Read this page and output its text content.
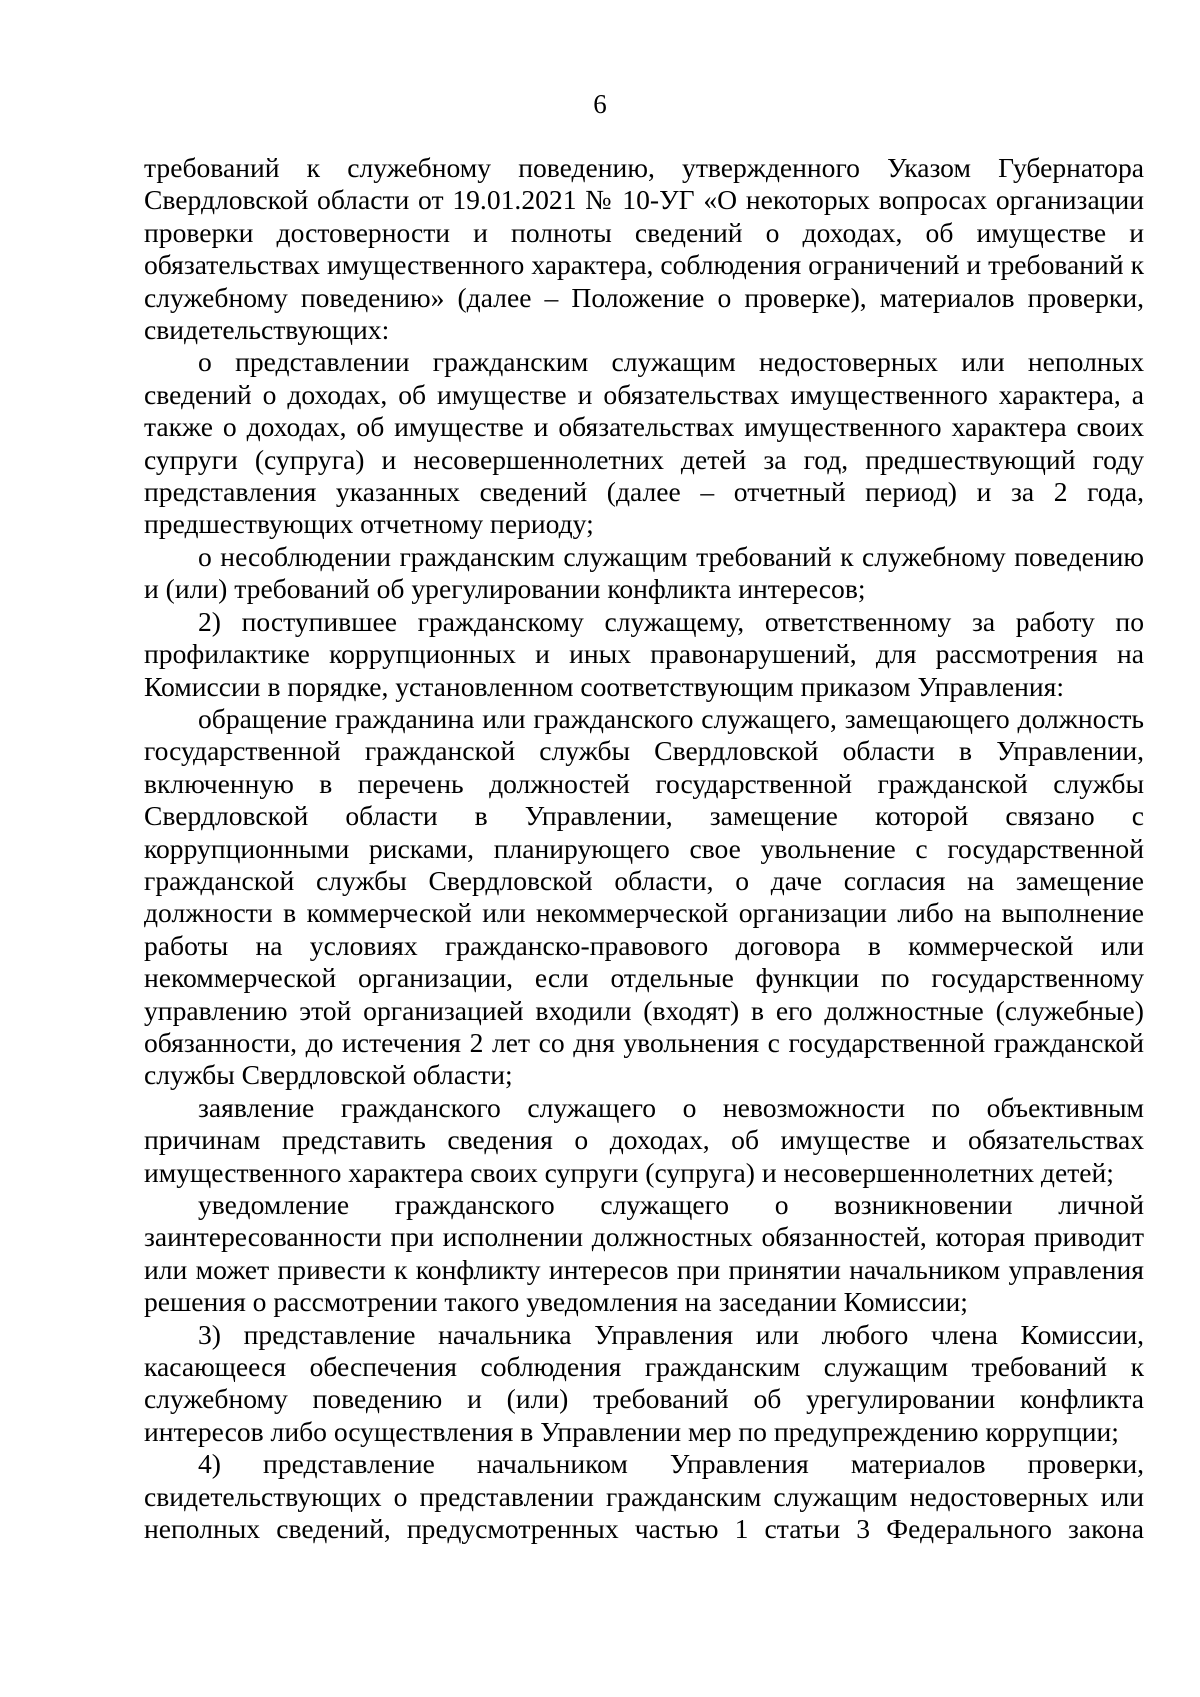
6

требований к служебному поведению, утвержденного Указом Губернатора Свердловской области от 19.01.2021 № 10-УГ «О некоторых вопросах организации проверки достоверности и полноты сведений о доходах, об имуществе и обязательствах имущественного характера, соблюдения ограничений и требований к служебному поведению» (далее – Положение о проверке), материалов проверки, свидетельствующих:

о представлении гражданским служащим недостоверных или неполных сведений о доходах, об имуществе и обязательствах имущественного характера, а также о доходах, об имуществе и обязательствах имущественного характера своих супруги (супруга) и несовершеннолетних детей за год, предшествующий году представления указанных сведений (далее – отчетный период) и за 2 года, предшествующих отчетному периоду;

о несоблюдении гражданским служащим требований к служебному поведению и (или) требований об урегулировании конфликта интересов;

2) поступившее гражданскому служащему, ответственному за работу по профилактике коррупционных и иных правонарушений, для рассмотрения на Комиссии в порядке, установленном соответствующим приказом Управления:

обращение гражданина или гражданского служащего, замещающего должность государственной гражданской службы Свердловской области в Управлении, включенную в перечень должностей государственной гражданской службы Свердловской области в Управлении, замещение которой связано с коррупционными рисками, планирующего свое увольнение с государственной гражданской службы Свердловской области, о даче согласия на замещение должности в коммерческой или некоммерческой организации либо на выполнение работы на условиях гражданско-правового договора в коммерческой или некоммерческой организации, если отдельные функции по государственному управлению этой организацией входили (входят) в его должностные (служебные) обязанности, до истечения 2 лет со дня увольнения с государственной гражданской службы Свердловской области;

заявление гражданского служащего о невозможности по объективным причинам представить сведения о доходах, об имуществе и обязательствах имущественного характера своих супруги (супруга) и несовершеннолетних детей;

уведомление гражданского служащего о возникновении личной заинтересованности при исполнении должностных обязанностей, которая приводит или может привести к конфликту интересов при принятии начальником управления решения о рассмотрении такого уведомления на заседании Комиссии;

3) представление начальника Управления или любого члена Комиссии, касающееся обеспечения соблюдения гражданским служащим требований к служебному поведению и (или) требований об урегулировании конфликта интересов либо осуществления в Управлении мер по предупреждению коррупции;

4) представление начальником Управления материалов проверки, свидетельствующих о представлении гражданским служащим недостоверных или неполных сведений, предусмотренных частью 1 статьи 3 Федерального закона
